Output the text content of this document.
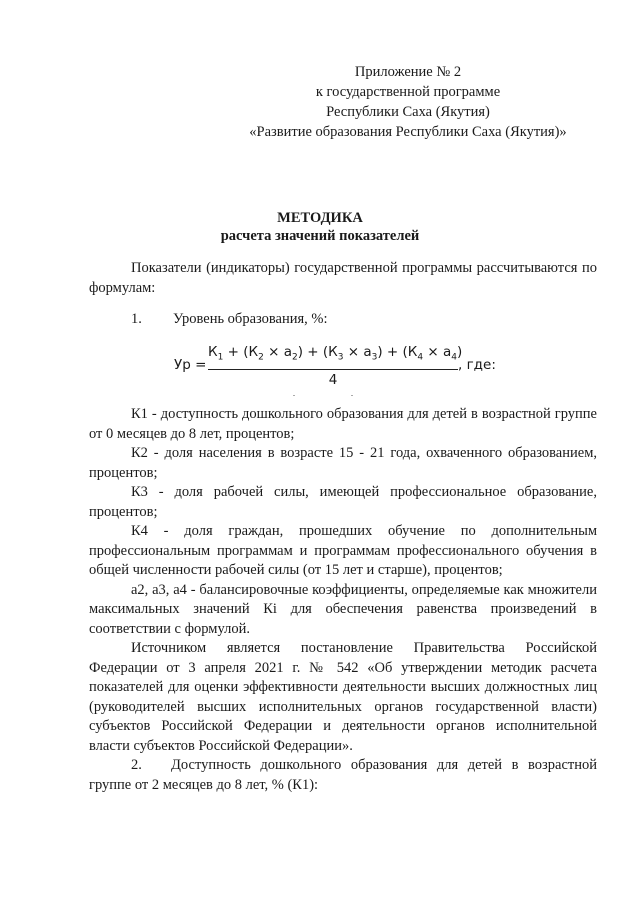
Приложение № 2
к государственной программе
Республики Саха (Якутия)
«Развитие образования Республики Саха (Якутия)»
МЕТОДИКА
расчета значений показателей

Показатели (индикаторы) государственной программы рассчитываются по формулам:

1.	Уровень образования, %:

Ур =
$К_1 + (К_2 \times а_2) + (К_3 \times а_3) + (К_4 \times а_4)$
4
, где:

К1 - доступность дошкольного образования для детей в возрастной группе от 0 месяцев до 8 лет, процентов;

К2 - доля населения в возрасте 15 - 21 года, охваченного образованием, процентов;

К3 - доля рабочей силы, имеющей профессиональное образование, процентов;

К4 - доля граждан, прошедших обучение по дополнительным профессиональным программам и программам профессионального обучения в общей численности рабочей силы (от 15 лет и старше), процентов;

а2, а3, а4 - балансировочные коэффициенты, определяемые как множители максимальных значений Кi для обеспечения равенства произведений в соответствии с формулой.

Источником является постановление Правительства Российской Федерации от 3 апреля 2021 г. № 542 «Об утверждении методик расчета показателей для оценки эффективности деятельности высших должностных лиц (руководителей высших исполнительных органов государственной власти) субъектов Российской Федерации и деятельности органов исполнительной власти субъектов Российской Федерации».

2. Доступность дошкольного образования для детей в возрастной группе от 2 месяцев до 8 лет, % (К1):
